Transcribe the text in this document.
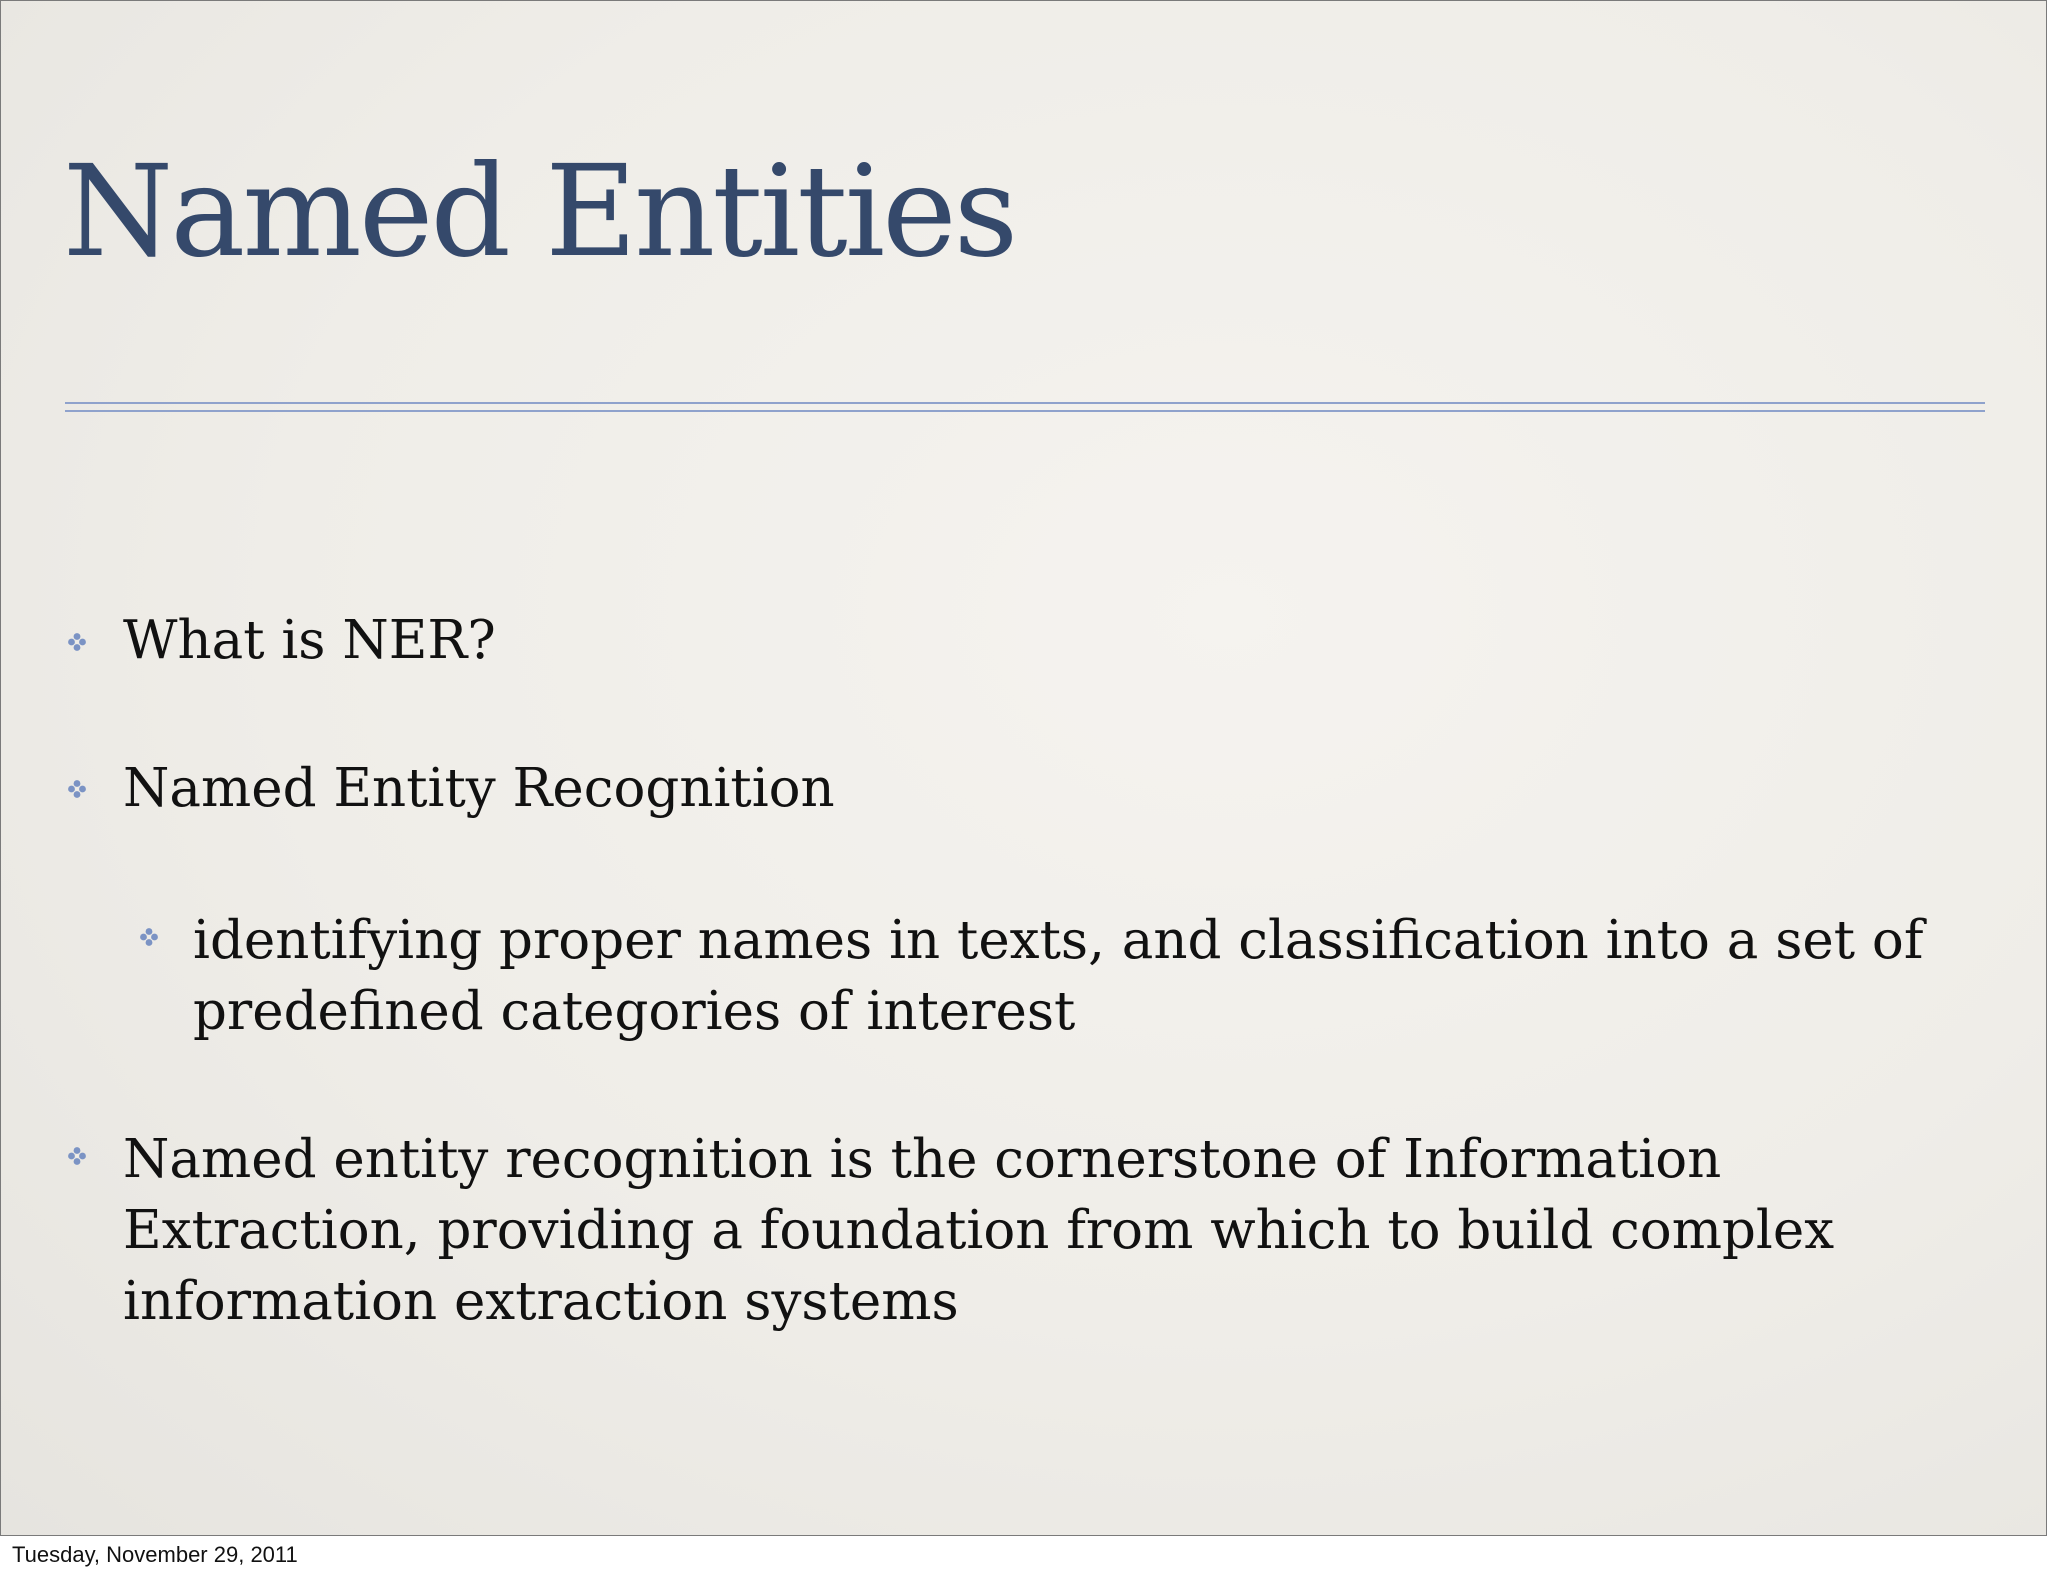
Named Entities
What is NER?
Named Entity Recognition
identifying proper names in texts, and classification into a set of
predefined categories of interest
Named entity recognition is the cornerstone of Information
Extraction, providing a foundation from which to build complex
information extraction systems
Tuesday, November 29, 2011
